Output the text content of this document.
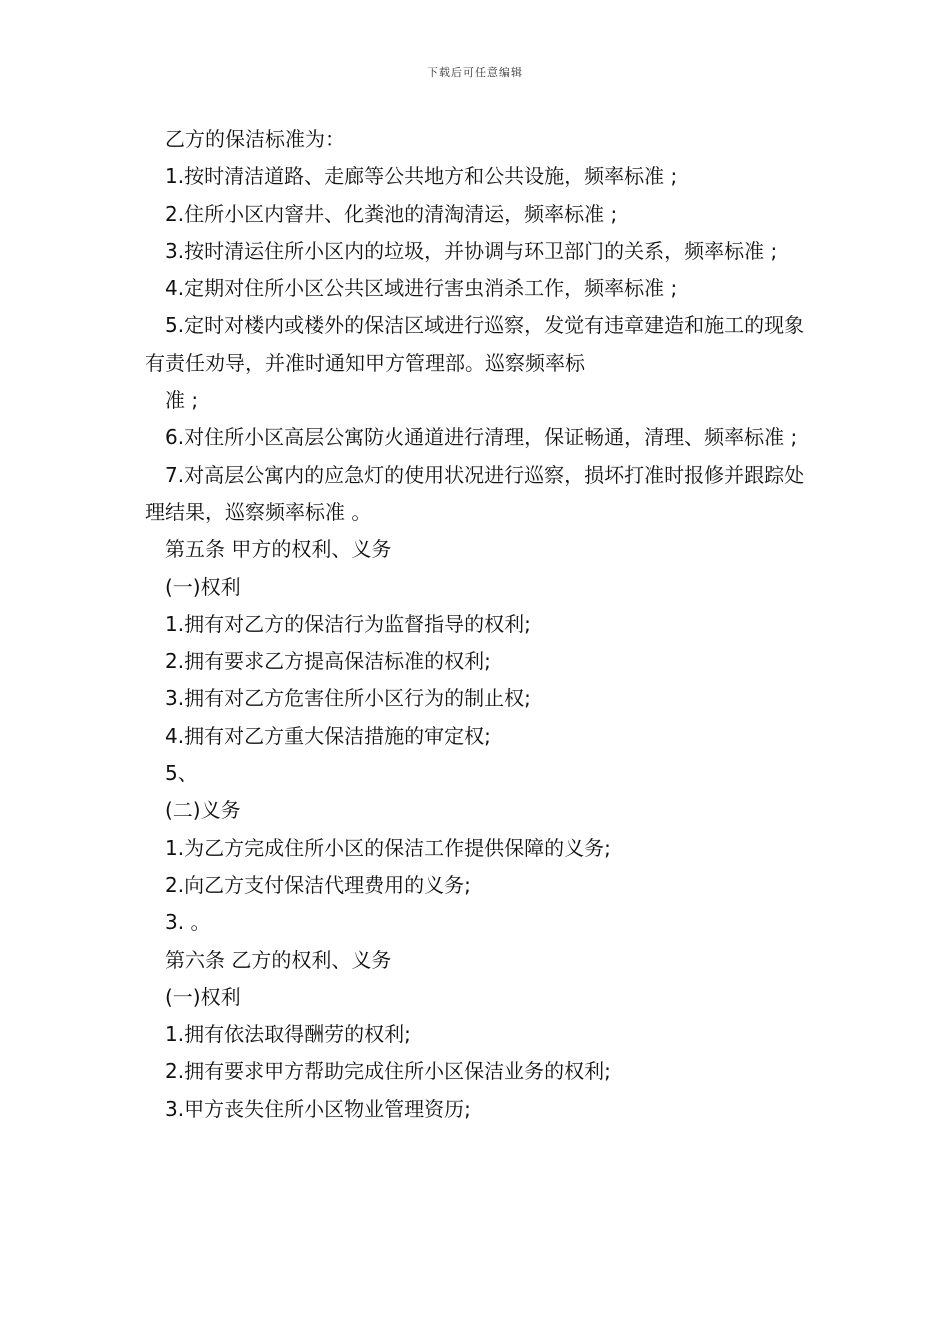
下载后可任意编辑

乙方的保洁标准为：

1.按时清洁道路、走廊等公共地方和公共设施，频率标准 ;

2.住所小区内窨井、化粪池的清淘清运，频率标准 ;

3.按时清运住所小区内的垃圾，并协调与环卫部门的关系，频率标准 ;

4.定期对住所小区公共区域进行害虫消杀工作，频率标准 ;

5.定时对楼内或楼外的保洁区域进行巡察，发觉有违章建造和施工的现象有责任劝导，并准时通知甲方管理部。巡察频率标

准 ;

6.对住所小区高层公寓防火通道进行清理，保证畅通，清理、频率标准 ;

7.对高层公寓内的应急灯的使用状况进行巡察，损坏打准时报修并跟踪处理结果，巡察频率标准 。

第五条 甲方的权利、义务

(一)权利

1.拥有对乙方的保洁行为监督指导的权利;

2.拥有要求乙方提高保洁标准的权利;

3.拥有对乙方危害住所小区行为的制止权;

4.拥有对乙方重大保洁措施的审定权;

5、

(二)义务

1.为乙方完成住所小区的保洁工作提供保障的义务;

2.向乙方支付保洁代理费用的义务;

3. 。

第六条 乙方的权利、义务

(一)权利

1.拥有依法取得酬劳的权利;

2.拥有要求甲方帮助完成住所小区保洁业务的权利;

3.甲方丧失住所小区物业管理资历;
